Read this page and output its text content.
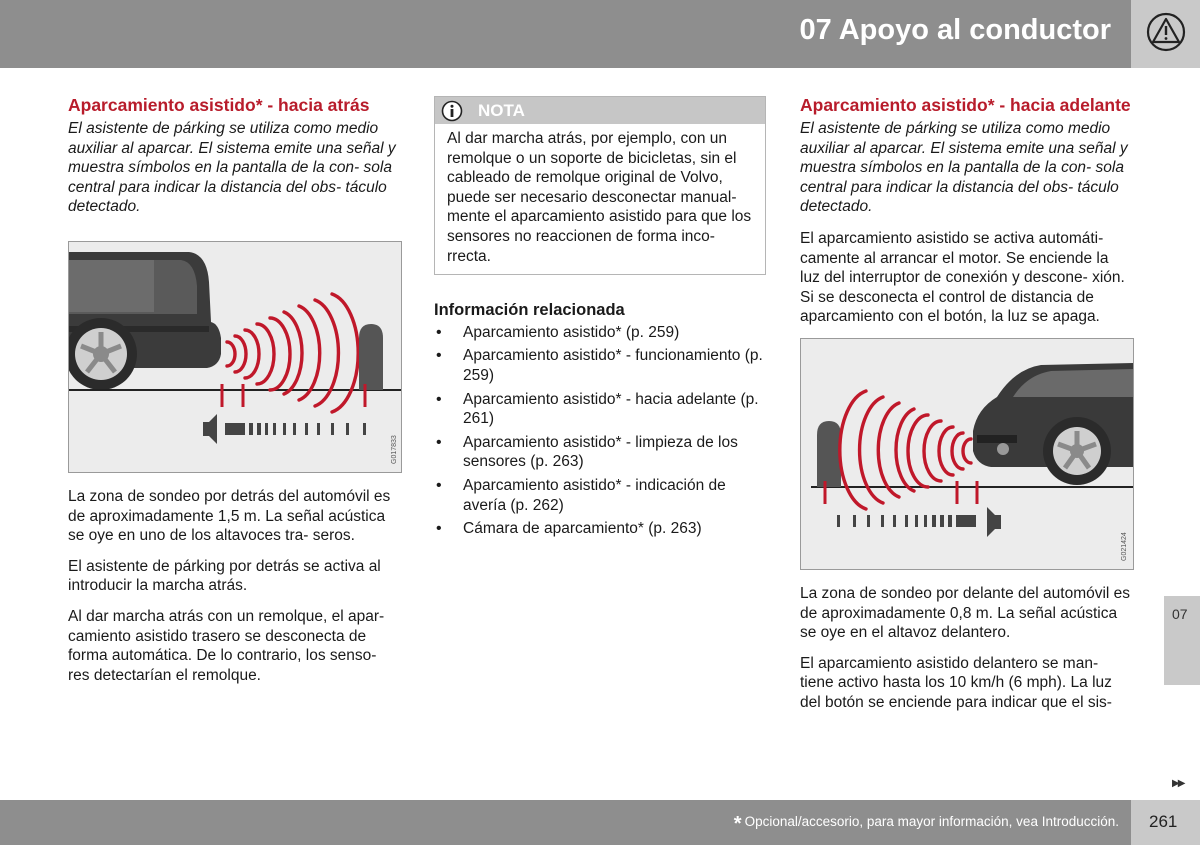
07 Apoyo al conductor
Aparcamiento asistido* - hacia atrás

El asistente de párking se utiliza como medio auxiliar al aparcar. El sistema emite una señal y muestra símbolos en la pantalla de la con- sola central para indicar la distancia del obs- táculo detectado.

G017833

La zona de sondeo por detrás del automóvil es de aproximadamente 1,5 m. La señal acústica se oye en uno de los altavoces tra- seros.

El asistente de párking por detrás se activa al introducir la marcha atrás.

Al dar marcha atrás con un remolque, el apar- camiento asistido trasero se desconecta de forma automática. De lo contrario, los senso- res detectarían el remolque.

NOTA
Al dar marcha atrás, por ejemplo, con un remolque o un soporte de bicicletas, sin el cableado de remolque original de Volvo, puede ser necesario desconectar manual- mente el aparcamiento asistido para que los sensores no reaccionen de forma inco- rrecta.
Información relacionada
• Aparcamiento asistido* (p. 259)
• Aparcamiento asistido* - funcionamiento (p. 259)
• Aparcamiento asistido* - hacia adelante (p. 261)
• Aparcamiento asistido* - limpieza de los sensores (p. 263)
• Aparcamiento asistido* - indicación de avería (p. 262)
• Cámara de aparcamiento* (p. 263)
Aparcamiento asistido* - hacia adelante

El asistente de párking se utiliza como medio auxiliar al aparcar. El sistema emite una señal y muestra símbolos en la pantalla de la con- sola central para indicar la distancia del obs- táculo detectado.

El aparcamiento asistido se activa automáti- camente al arrancar el motor. Se enciende la luz del interruptor de conexión y descone- xión. Si se desconecta el control de distancia de aparcamiento con el botón, la luz se apaga.

G021424

La zona de sondeo por delante del automóvil es de aproximadamente 0,8 m. La señal acústica se oye en el altavoz delantero.

El aparcamiento asistido delantero se man- tiene activo hasta los 10 km/h (6 mph). La luz del botón se enciende para indicar que el sis-

07
▶▶
* Opcional/accesorio, para mayor información, vea Introducción. 261
